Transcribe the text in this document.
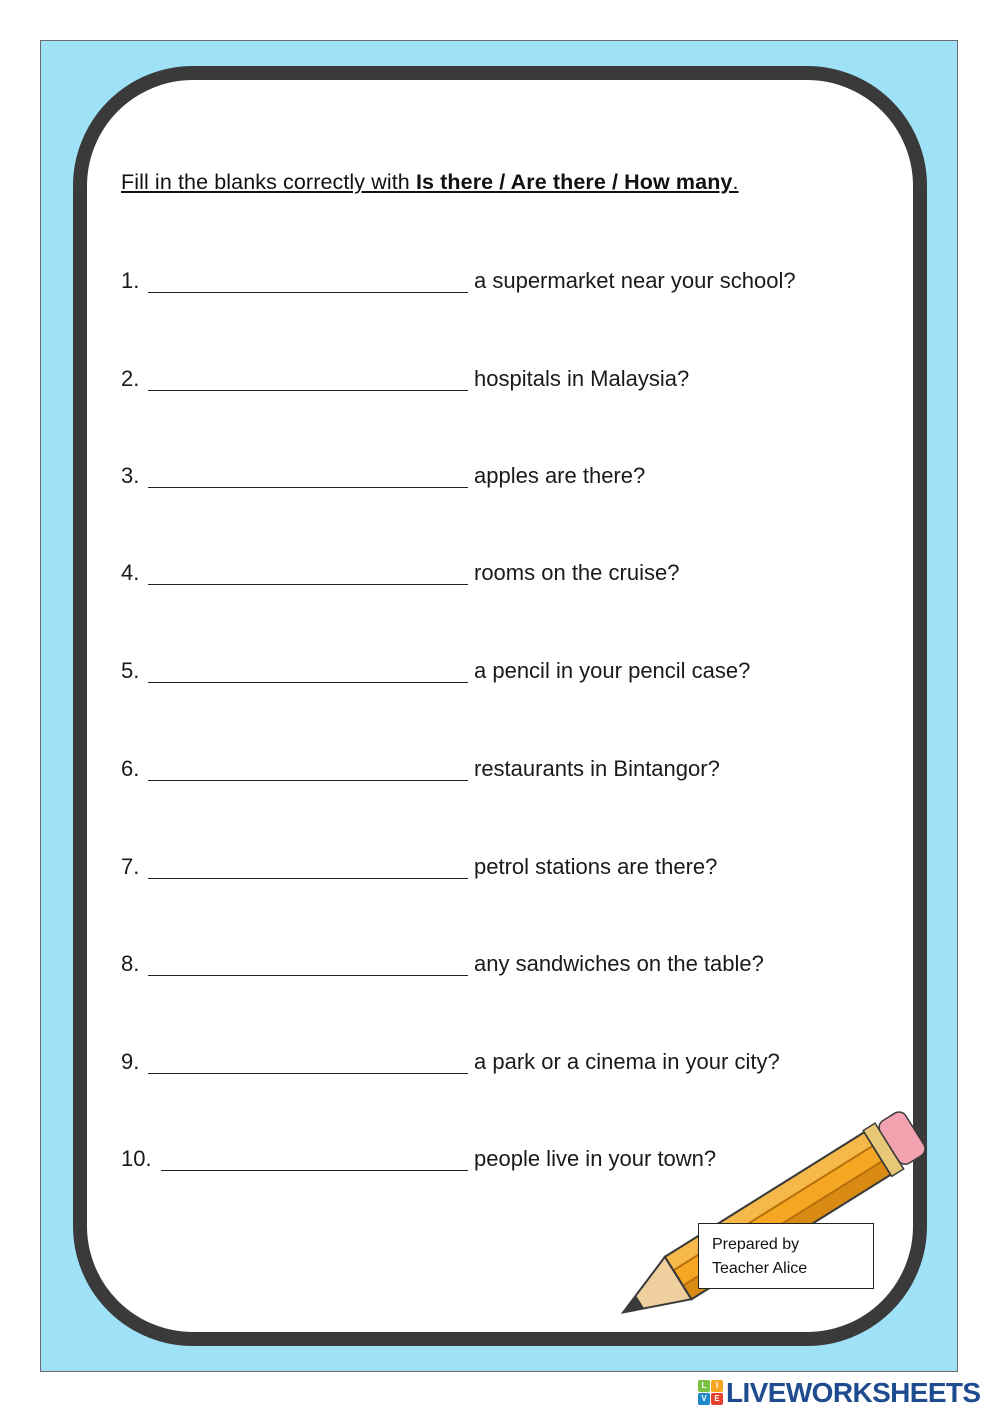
Fill in the blanks correctly with Is there / Are there / How many.
1.	a supermarket near your school?
2.	hospitals in Malaysia?
3.	apples are there?
4.	rooms on the cruise?
5.	a pencil in your pencil case?
6.	restaurants in Bintangor?
7.	petrol stations are there?
8.	any sandwiches on the table?
9.	a park or a cinema in your city?
10.	people live in your town?
Prepared by
Teacher Alice
L	I
V E LIVEWORKSHEETS
